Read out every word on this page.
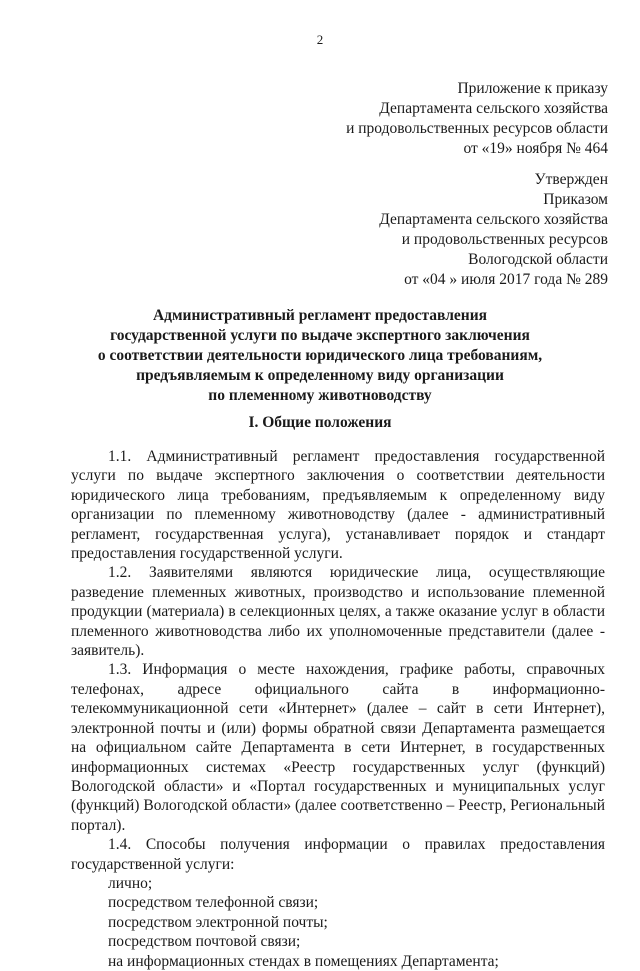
2
Приложение к приказу
Департамента сельского хозяйства
и продовольственных ресурсов области
от «19» ноября № 464
Утвержден
Приказом
Департамента сельского хозяйства
и продовольственных ресурсов
Вологодской области
от «04 » июля 2017 года № 289
Административный регламент предоставления
государственной услуги по выдаче экспертного заключения
о соответствии деятельности юридического лица требованиям,
предъявляемым к определенному виду организации
по племенному животноводству
I. Общие положения

1.1. Административный регламент предоставления государственной услуги по выдаче экспертного заключения о соответствии деятельности юридического лица требованиям, предъявляемым к определенному виду организации по племенному животноводству (далее - административный регламент, государственная услуга), устанавливает порядок и стандарт предоставления государственной услуги.

1.2. Заявителями являются юридические лица, осуществляющие разведение племенных животных, производство и использование племенной продукции (материала) в селекционных целях, а также оказание услуг в области племенного животноводства либо их уполномоченные представители (далее - заявитель).

1.3. Информация о месте нахождения, графике работы, справочных телефонах, адресе официального сайта в информационно-телекоммуникационной сети «Интернет» (далее – сайт в сети Интернет), электронной почты и (или) формы обратной связи Департамента размещается на официальном сайте Департамента в сети Интернет, в государственных информационных системах «Реестр государственных услуг (функций) Вологодской области» и «Портал государственных и муниципальных услуг (функций) Вологодской области» (далее соответственно – Реестр, Региональный портал).

1.4. Способы получения информации о правилах предоставления государственной услуги:

лично;

посредством телефонной связи;

посредством электронной почты;

посредством почтовой связи;

на информационных стендах в помещениях Департамента;
